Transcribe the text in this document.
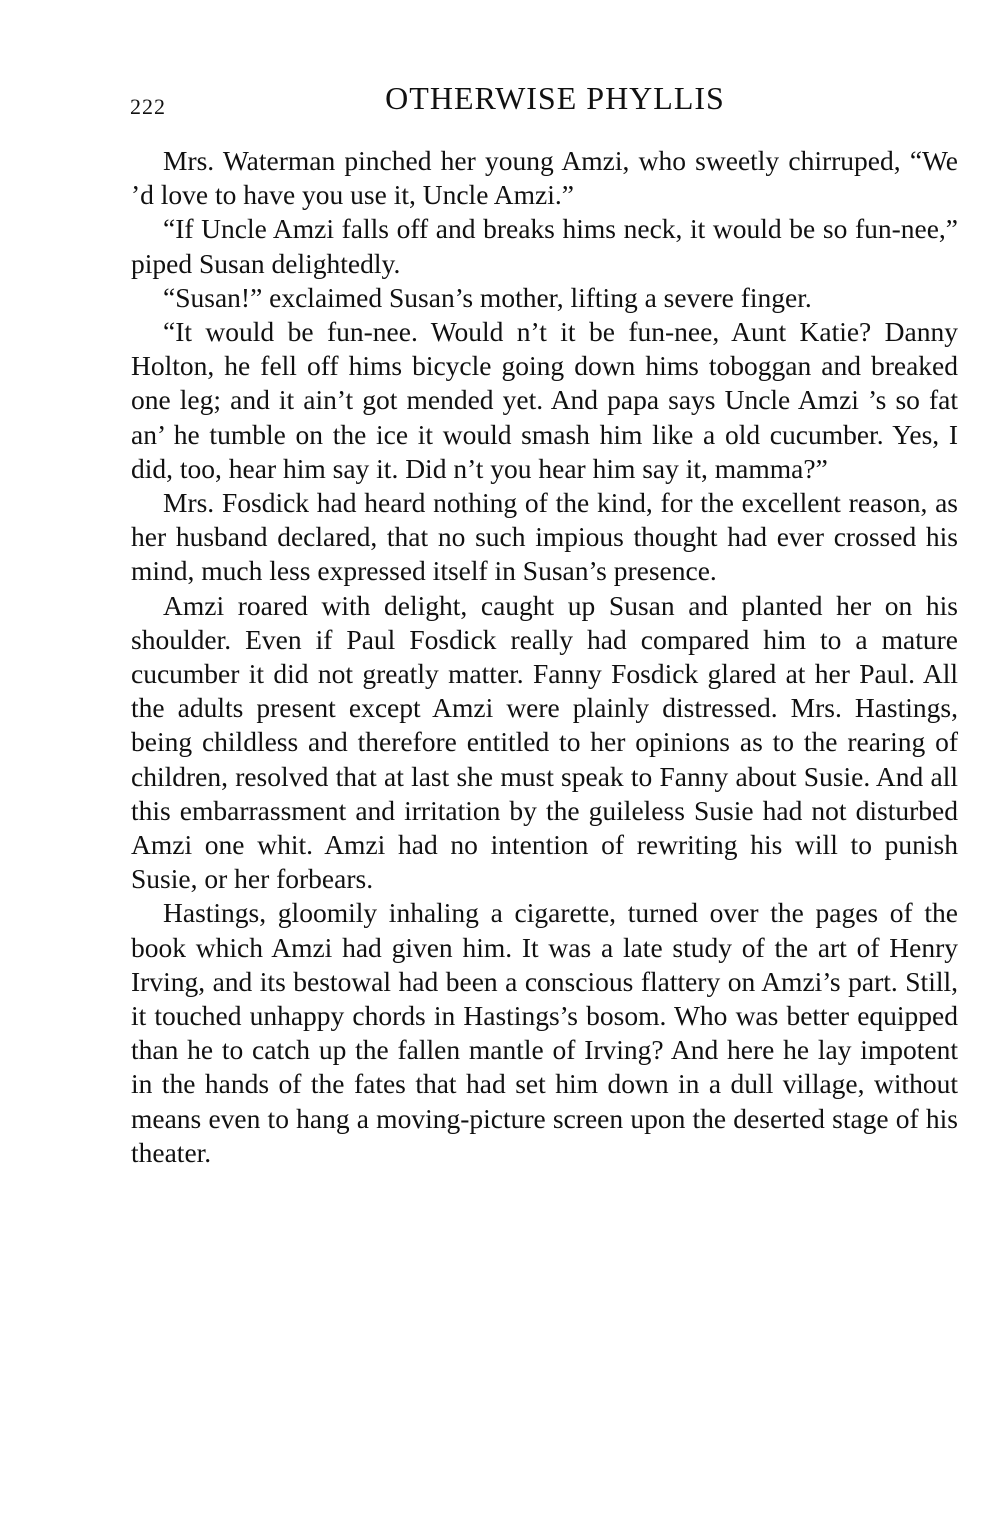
222	OTHERWISE PHYLLIS

Mrs. Waterman pinched her young Amzi, who sweetly chirruped, “We ’d love to have you use it, Uncle Amzi.”

“If Uncle Amzi falls off and breaks hims neck, it would be so fun-nee,” piped Susan delightedly.

“Susan!” exclaimed Susan’s mother, lifting a severe finger.

“It would be fun-nee. Would n’t it be fun-nee, Aunt Katie? Danny Holton, he fell off hims bicycle going down hims toboggan and breaked one leg; and it ain’t got mended yet. And papa says Uncle Amzi ’s so fat an’ he tumble on the ice it would smash him like a old cucumber. Yes, I did, too, hear him say it. Did n’t you hear him say it, mamma?”

Mrs. Fosdick had heard nothing of the kind, for the excellent reason, as her husband declared, that no such impious thought had ever crossed his mind, much less expressed itself in Susan’s presence.

Amzi roared with delight, caught up Susan and planted her on his shoulder. Even if Paul Fosdick really had compared him to a mature cucumber it did not greatly matter. Fanny Fosdick glared at her Paul. All the adults present except Amzi were plainly distressed. Mrs. Hastings, being childless and therefore entitled to her opinions as to the rearing of children, resolved that at last she must speak to Fanny about Susie. And all this embarrassment and irritation by the guileless Susie had not disturbed Amzi one whit. Amzi had no intention of rewriting his will to punish Susie, or her forbears.

Hastings, gloomily inhaling a cigarette, turned over the pages of the book which Amzi had given him. It was a late study of the art of Henry Irving, and its bestowal had been a conscious flattery on Amzi’s part. Still, it touched unhappy chords in Hastings’s bosom. Who was better equipped than he to catch up the fallen mantle of Irving? And here he lay impotent in the hands of the fates that had set him down in a dull village, without means even to hang a moving-picture screen upon the deserted stage of his theater.
